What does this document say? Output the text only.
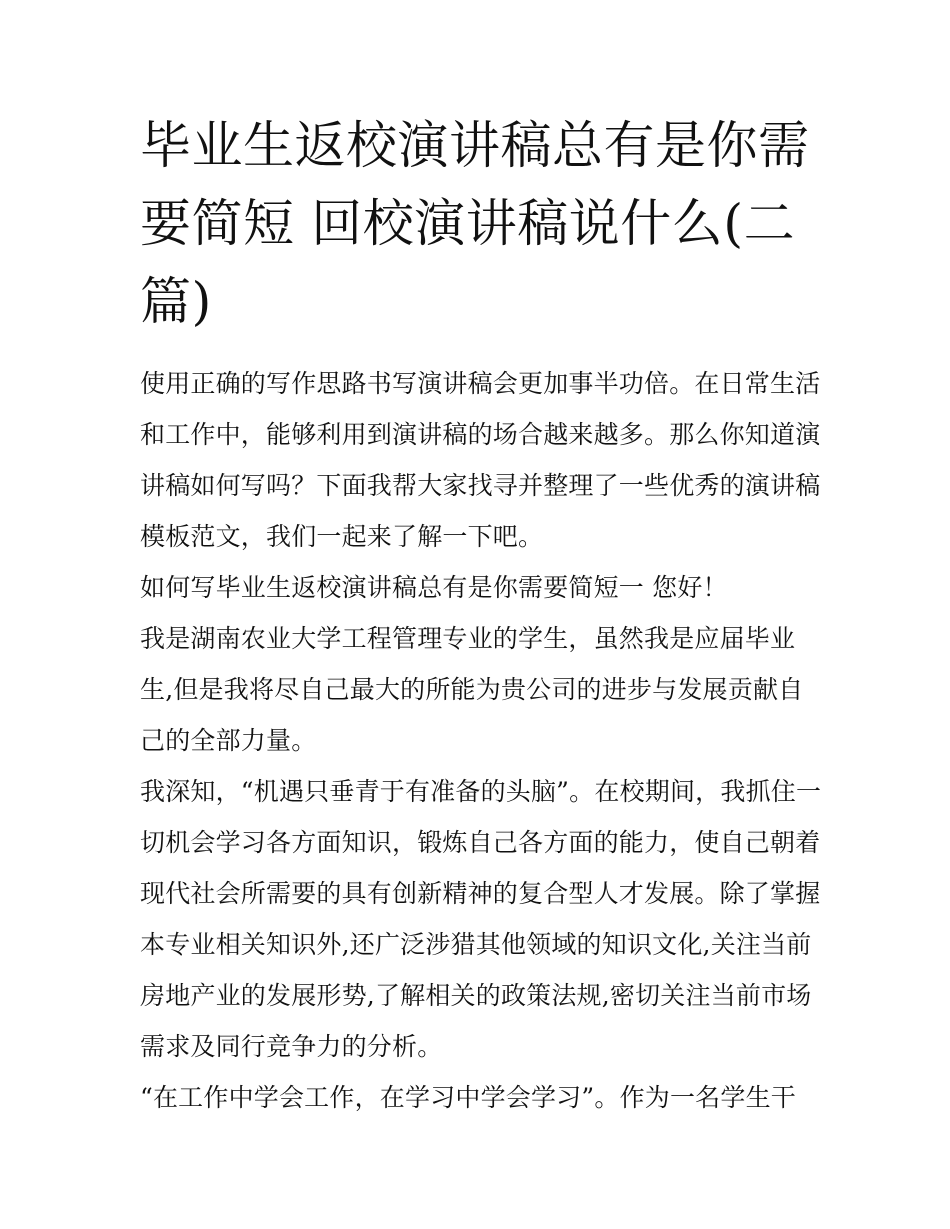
毕业生返校演讲稿总有是你需
要简短 回校演讲稿说什么(二
篇)

使用正确的写作思路书写演讲稿会更加事半功倍。在日常生活
和工作中，能够利用到演讲稿的场合越来越多。那么你知道演
讲稿如何写吗？下面我帮大家找寻并整理了一些优秀的演讲稿
模板范文，我们一起来了解一下吧。

如何写毕业生返校演讲稿总有是你需要简短一 您好！

我是湖南农业大学工程管理专业的学生，虽然我是应届毕业
生,但是我将尽自己最大的所能为贵公司的进步与发展贡献自
己的全部力量。

我深知，“机遇只垂青于有准备的头脑”。在校期间，我抓住一
切机会学习各方面知识，锻炼自己各方面的能力，使自己朝着
现代社会所需要的具有创新精神的复合型人才发展。除了掌握
本专业相关知识外,还广泛涉猎其他领域的知识文化,关注当前
房地产业的发展形势,了解相关的政策法规,密切关注当前市场
需求及同行竞争力的分析。

“在工作中学会工作，在学习中学会学习”。作为一名学生干
